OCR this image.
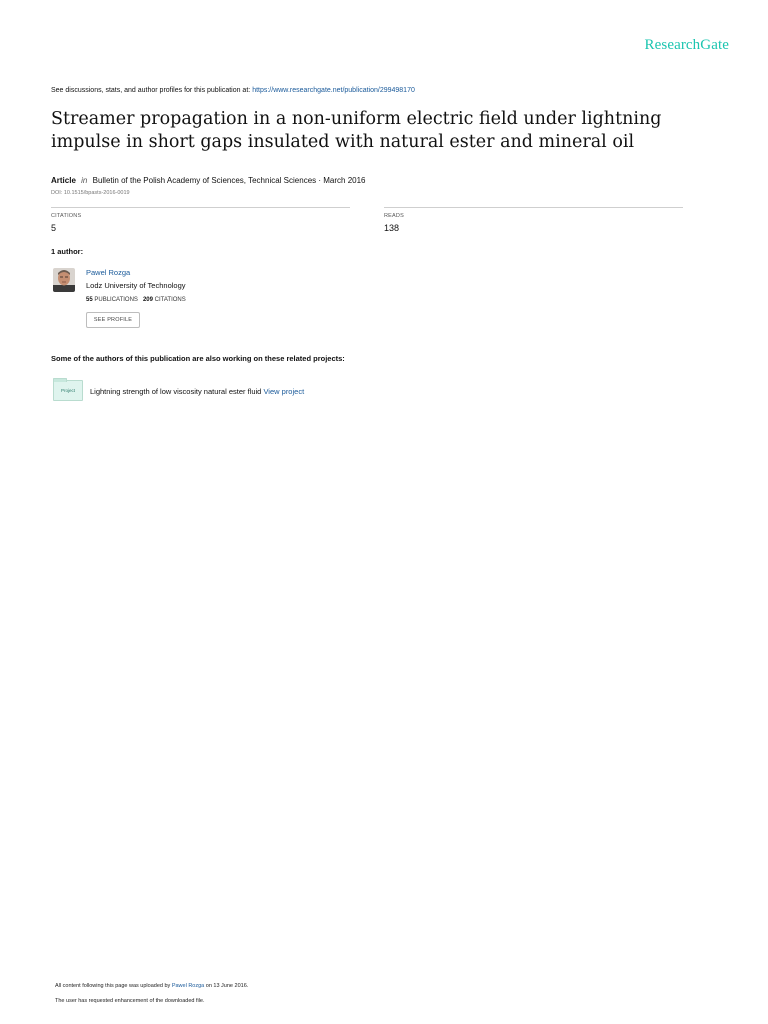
ResearchGate
See discussions, stats, and author profiles for this publication at: https://www.researchgate.net/publication/299498170
Streamer propagation in a non-uniform electric field under lightning impulse in short gaps insulated with natural ester and mineral oil
Article in Bulletin of the Polish Academy of Sciences, Technical Sciences · March 2016
DOI: 10.1515/bpasts-2016-0019
CITATIONS
5
READS
138
1 author:
Pawel Rozga
Lodz University of Technology
55 PUBLICATIONS 209 CITATIONS
SEE PROFILE
Some of the authors of this publication are also working on these related projects:
Project Lightning strength of low viscosity natural ester fluid View project
All content following this page was uploaded by Pawel Rozga on 13 June 2016.
The user has requested enhancement of the downloaded file.
